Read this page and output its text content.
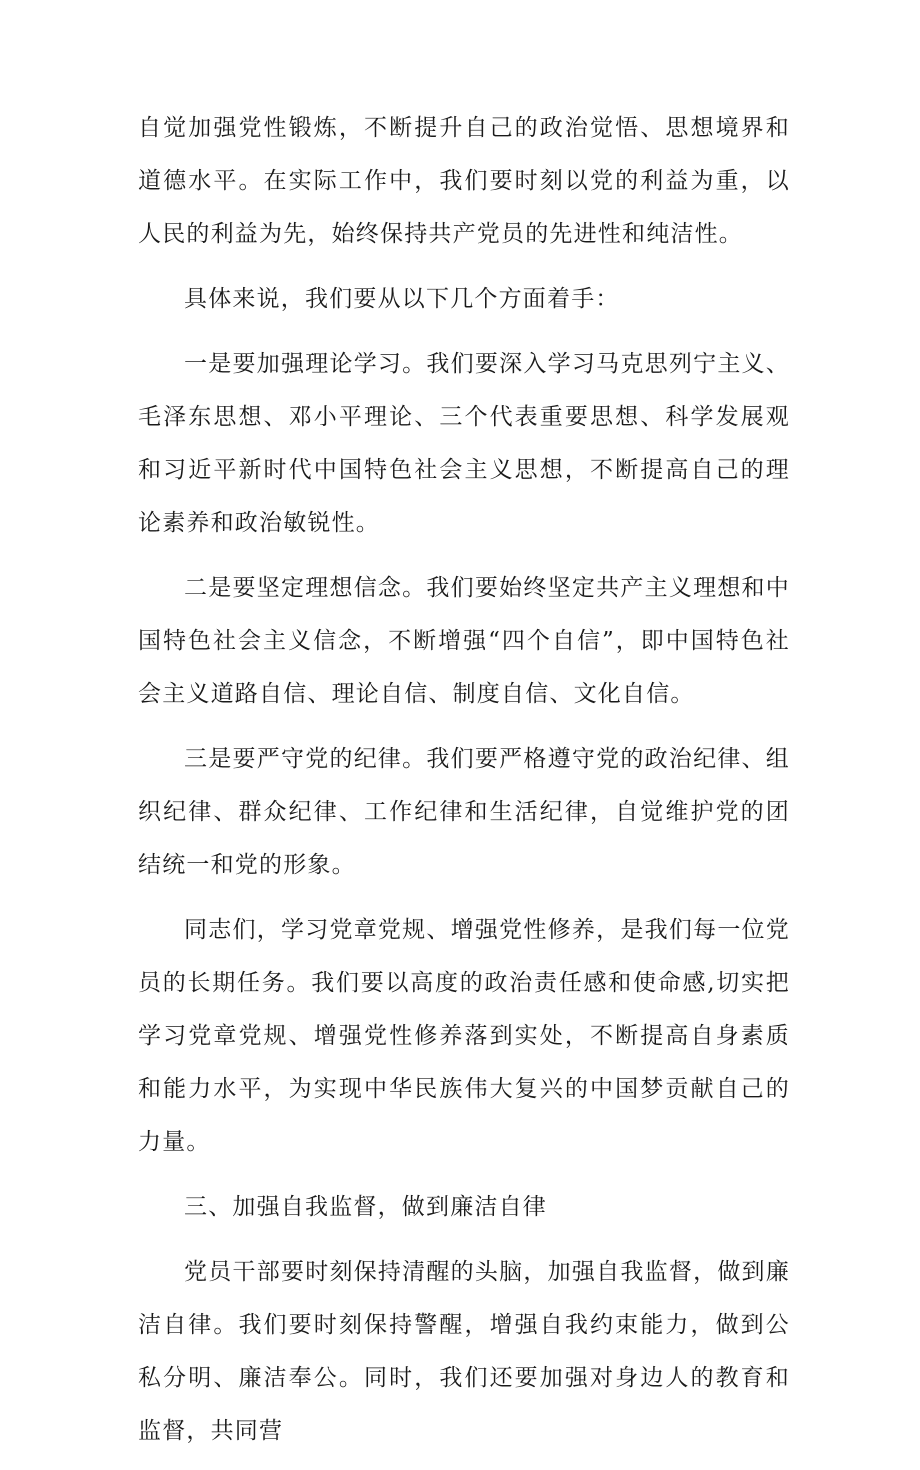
自觉加强党性锻炼，不断提升自己的政治觉悟、思想境界和道德水平。在实际工作中，我们要时刻以党的利益为重，以人民的利益为先，始终保持共产党员的先进性和纯洁性。

具体来说，我们要从以下几个方面着手：

一是要加强理论学习。我们要深入学习马克思列宁主义、毛泽东思想、邓小平理论、三个代表重要思想、科学发展观和习近平新时代中国特色社会主义思想，不断提高自己的理论素养和政治敏锐性。

二是要坚定理想信念。我们要始终坚定共产主义理想和中国特色社会主义信念，不断增强“四个自信”，即中国特色社会主义道路自信、理论自信、制度自信、文化自信。

三是要严守党的纪律。我们要严格遵守党的政治纪律、组织纪律、群众纪律、工作纪律和生活纪律，自觉维护党的团结统一和党的形象。

同志们，学习党章党规、增强党性修养，是我们每一位党员的长期任务。我们要以高度的政治责任感和使命感,切实把学习党章党规、增强党性修养落到实处，不断提高自身素质和能力水平，为实现中华民族伟大复兴的中国梦贡献自己的力量。

三、加强自我监督，做到廉洁自律

党员干部要时刻保持清醒的头脑，加强自我监督，做到廉洁自律。我们要时刻保持警醒，增强自我约束能力，做到公私分明、廉洁奉公。同时，我们还要加强对身边人的教育和监督，共同营
